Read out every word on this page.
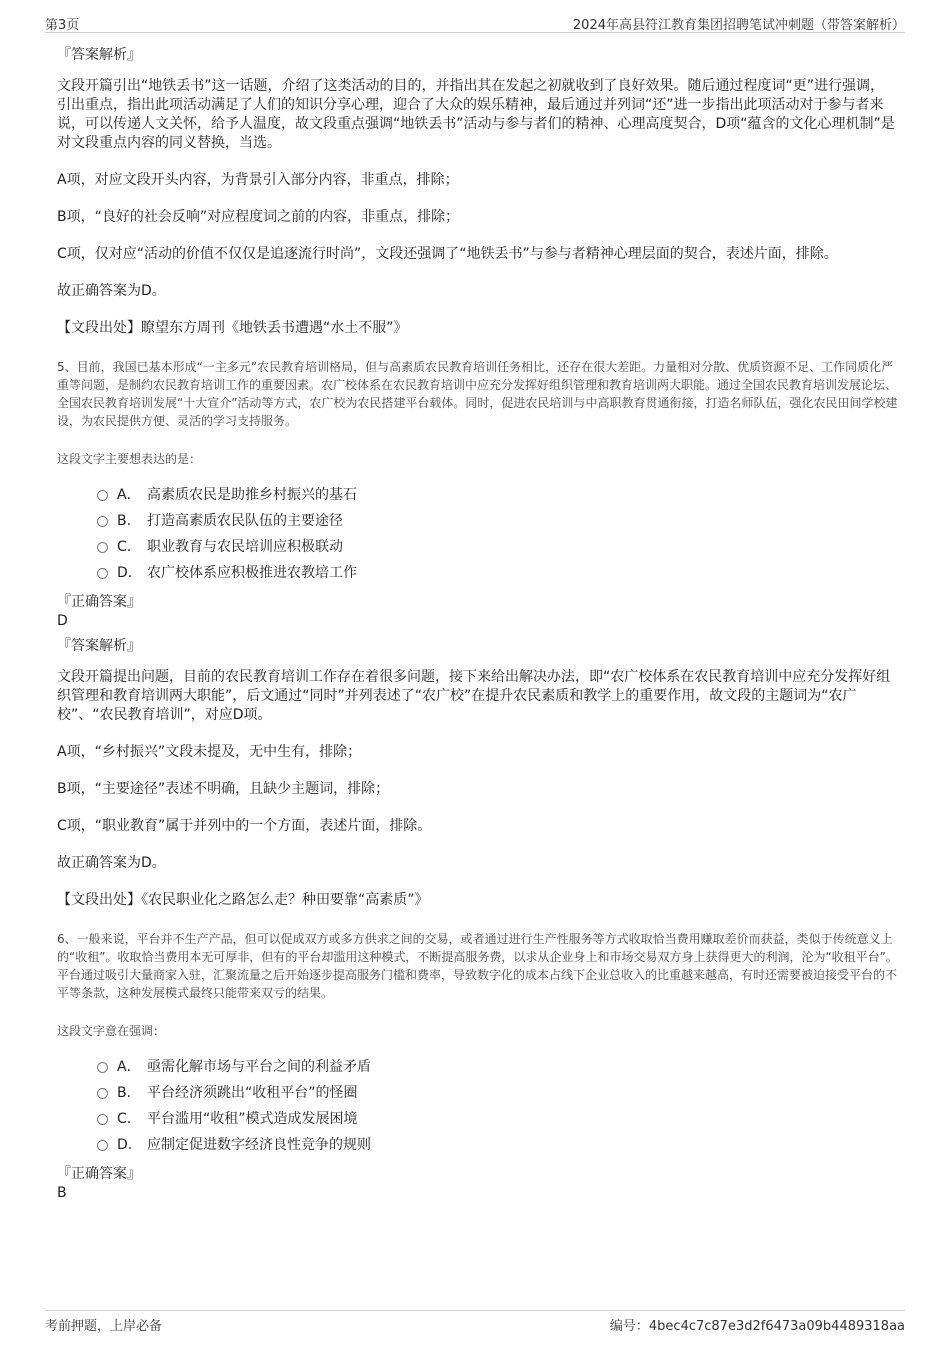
第3页	2024年高县符江教育集团招聘笔试冲刺题（带答案解析）
『答案解析』
文段开篇引出“地铁丢书”这一话题，介绍了这类活动的目的，并指出其在发起之初就收到了良好效果。随后通过程度词“更”进行强调，引出重点，指出此项活动满足了人们的知识分享心理，迎合了大众的娱乐精神，最后通过并列词“还”进一步指出此项活动对于参与者来说，可以传递人文关怀，给予人温度，故文段重点强调“地铁丢书”活动与参与者们的精神、心理高度契合，D项“蕴含的文化心理机制”是对文段重点内容的同义替换，当选。
A项，对应文段开头内容，为背景引入部分内容，非重点，排除；
B项，“良好的社会反响”对应程度词之前的内容，非重点，排除；
C项，仅对应“活动的价值不仅仅是追逐流行时尚”，文段还强调了“地铁丢书”与参与者精神心理层面的契合，表述片面，排除。
故正确答案为D。
【文段出处】瞭望东方周刊《地铁丢书遭遇“水土不服”》
5、目前，我国已基本形成“一主多元”农民教育培训格局，但与高素质农民教育培训任务相比，还存在很大差距。力量相对分散、优质资源不足、工作同质化严重等问题，是制约农民教育培训工作的重要因素。农广校体系在农民教育培训中应充分发挥好组织管理和教育培训两大职能。通过全国农民教育培训发展论坛、全国农民教育培训发展“十大宣介”活动等方式，农广校为农民搭建平台载体。同时，促进农民培训与中高职教育贯通衔接，打造名师队伍，强化农民田间学校建设，为农民提供方便、灵活的学习支持服务。
这段文字主要想表达的是：
A． 高素质农民是助推乡村振兴的基石
B.	打造高素质农民队伍的主要途径
C.	职业教育与农民培训应积极联动
D.	农广校体系应积极推进农教培工作
『正确答案』
D
『答案解析』
文段开篇提出问题，目前的农民教育培训工作存在着很多问题，接下来给出解决办法，即“农广校体系在农民教育培训中应充分发挥好组织管理和教育培训两大职能”，后文通过“同时”并列表述了“农广校”在提升农民素质和教学上的重要作用，故文段的主题词为“农广校”、“农民教育培训”，对应D项。
A项，“乡村振兴”文段未提及，无中生有，排除；
B项，“主要途径”表述不明确，且缺少主题词，排除；
C项，“职业教育”属于并列中的一个方面，表述片面，排除。
故正确答案为D。
【文段出处】《农民职业化之路怎么走？种田要靠“高素质”》
6、一般来说，平台并不生产产品，但可以促成双方或多方供求之间的交易，或者通过进行生产性服务等方式收取恰当费用赚取差价而获益，类似于传统意义上的“收租”。收取恰当费用本无可厚非，但有的平台却滥用这种模式，不断提高服务费，以求从企业身上和市场交易双方身上获得更大的利润，沦为“收租平台”。平台通过吸引大量商家入驻，汇聚流量之后开始逐步提高服务门槛和费率，导致数字化的成本占线下企业总收入的比重越来越高，有时还需要被迫接受平台的不平等条款，这种发展模式最终只能带来双亏的结果。
这段文字意在强调：
A． 亟需化解市场与平台之间的利益矛盾
B.	平台经济须跳出“收租平台”的怪圈
C.	平台滥用“收租”模式造成发展困境
D.	应制定促进数字经济良性竞争的规则
『正确答案』
B
考前押题，上岸必备	编号：4bec4c7c87e3d2f6473a09b4489318aa
